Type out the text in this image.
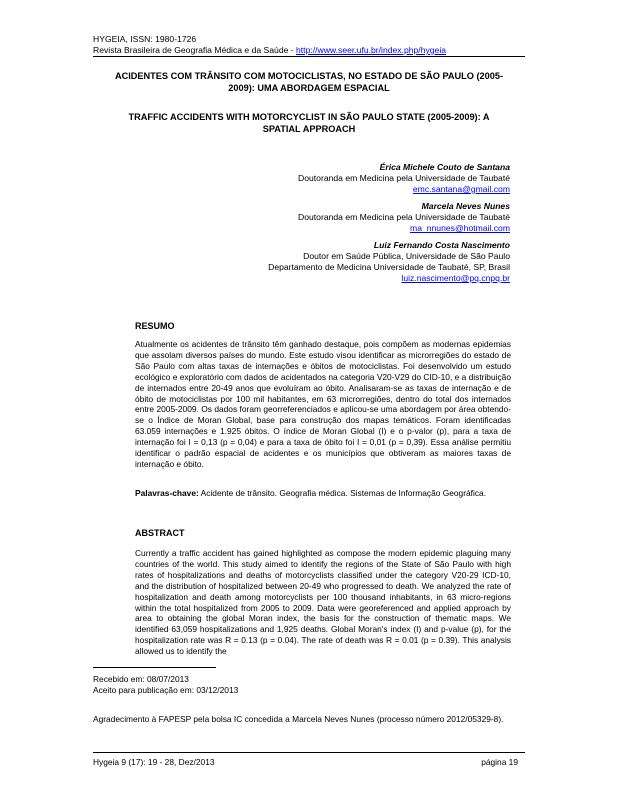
HYGEIA, ISSN: 1980-1726
Revista Brasileira de Geografia Médica e da Saúde - http://www.seer.ufu.br/index.php/hygeia
ACIDENTES COM TRÂNSITO COM MOTOCICLISTAS, NO ESTADO DE SÃO PAULO (2005-
2009): UMA ABORDAGEM ESPACIAL
TRAFFIC ACCIDENTS WITH MOTORCYCLIST IN SÃO PAULO STATE (2005-2009): A
SPATIAL APPROACH
Érica Michele Couto de Santana
Doutoranda em Medicina pela Universidade de Taubaté
emc.santana@gmail.com
Marcela Neves Nunes
Doutoranda em Medicina pela Universidade de Taubaté
ma_nnunes@hotmail.com
Luiz Fernando Costa Nascimento
Doutor em Saúde Pública, Universidade de São Paulo
Departamento de Medicina Universidade de Taubaté, SP, Brasil
luiz.nascimento@pq.cnpq.br
RESUMO
Atualmente os acidentes de trânsito têm ganhado destaque, pois compõem as modernas epidemias que assolam diversos países do mundo. Este estudo visou identificar as microrregiões do estado de São Paulo com altas taxas de internações e óbitos de motociclistas. Foi desenvolvido um estudo ecológico e exploratório com dados de acidentados na categoria V20-V29 do CID-10, e a distribuição de internados entre 20-49 anos que evoluíram ao óbito. Analisaram-se as taxas de internação e de óbito de motociclistas por 100 mil habitantes, em 63 microrregiões, dentro do total dos internados entre 2005-2009. Os dados foram georreferenciados e aplicou-se uma abordagem por área obtendo-se o Índice de Moran Global, base para construção dos mapas temáticos. Foram identificadas 63.059 internações e 1.925 óbitos. O índice de Moran Global (I) e o p-valor (p), para a taxa de internação foi I = 0,13 (p = 0,04) e para a taxa de óbito foi I = 0,01 (p = 0,39). Essa análise permitiu identificar o padrão espacial de acidentes e os municípios que obtiveram as maiores taxas de internação e óbito.
Palavras-chave: Acidente de trânsito. Geografia médica. Sistemas de Informação Geográfica.
ABSTRACT
Currently a traffic accident has gained highlighted as compose the modern epidemic plaguing many countries of the world. This study aimed to identify the regions of the State of São Paulo with high rates of hospitalizations and deaths of motorcyclists classified under the category V20-29 ICD-10, and the distribution of hospitalized between 20-49 who progressed to death. We analyzed the rate of hospitalization and death among motorcyclists per 100 thousand inhabitants, in 63 micro-regions within the total hospitalized from 2005 to 2009. Data were georeferenced and applied approach by area to obtaining the global Moran index, the basis for the construction of thematic maps. We identified 63,059 hospitalizations and 1,925 deaths. Global Moran's index (I) and p-value (p), for the hospitalization rate was R = 0.13 (p = 0.04). The rate of death was R = 0.01 (p = 0.39). This analysis allowed us to identify the
Recebido em: 08/07/2013
Aceito para publicação em: 03/12/2013
Agradecimento à FAPESP pela bolsa IC concedida a Marcela Neves Nunes (processo número 2012/05329-8).
Hygeia 9 (17): 19 - 28, Dez/2013	página 19
